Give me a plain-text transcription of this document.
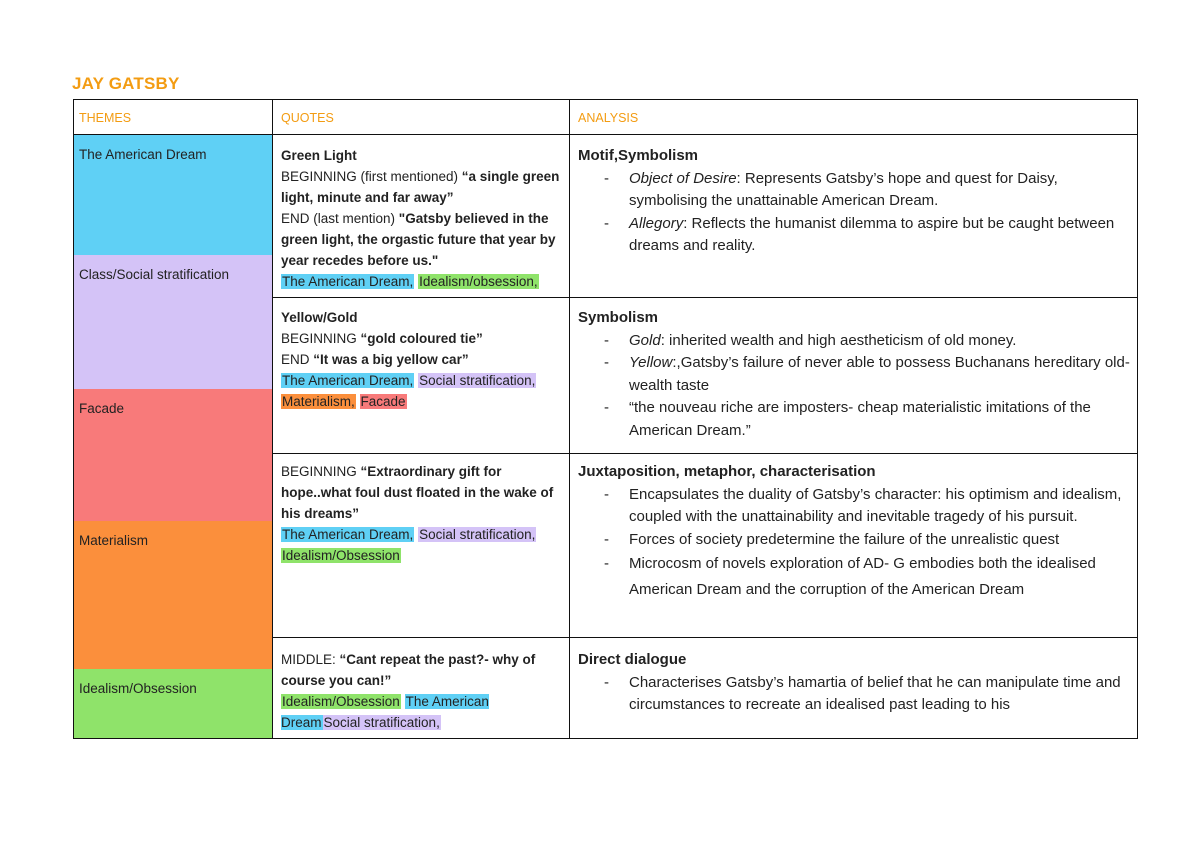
JAY GATSBY
The American Dream
Class/Social stratification
Facade
Materialism
Idealism/Obsession
THEMES	QUOTES	ANALYSIS
Green Light
BEGINNING (first mentioned) “a single green light, minute and far away”
END (last mention) "Gatsby believed in the green light, the orgastic future that year by year recedes before us."
The American Dream, Idealism/obsession,
Yellow/Gold
BEGINNING “gold coloured tie”
END “It was a big yellow car”
The American Dream, Social stratification,
Materialism, Facade
BEGINNING “Extraordinary gift for hope..what foul dust floated in the wake of his dreams”
The American Dream, Social stratification,
Idealism/Obsession
MIDDLE: “Cant repeat the past?- why of course you can!”
Idealism/Obsession The American Dream Social stratification,
Motif,Symbolism
- Object of Desire: Represents Gatsby’s hope and quest for Daisy, symbolising the unattainable American Dream.
- Allegory: Reflects the humanist dilemma to aspire but be caught between dreams and reality.
Symbolism
- Gold: inherited wealth and high aestheticism of old money.
- Yellow:,Gatsby’s failure of never able to possess Buchanans hereditary old-wealth taste
- “the nouveau riche are imposters- cheap materialistic imitations of the American Dream.”
Juxtaposition, metaphor, characterisation
- Encapsulates the duality of Gatsby’s character: his optimism and idealism, coupled with the unattainability and inevitable tragedy of his pursuit.
- Forces of society predetermine the failure of the unrealistic quest
- Microcosm of novels exploration of AD- G embodies both the idealised American Dream and the corruption of the American Dream
Direct dialogue
- Characterises Gatsby’s hamartia of belief that he can manipulate time and circumstances to recreate an idealised past leading to his
